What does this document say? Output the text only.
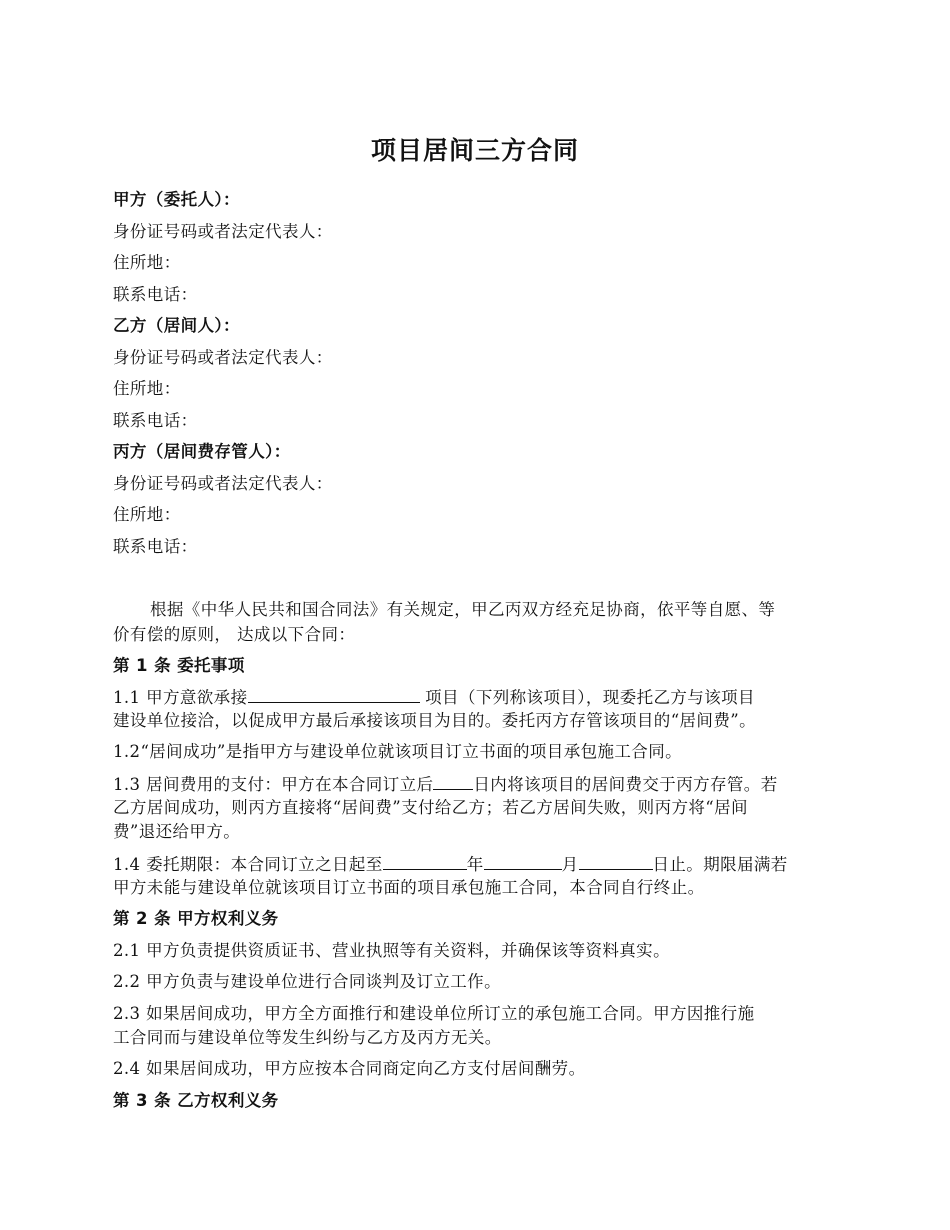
项目居间三方合同
甲方（委托人）：
身份证号码或者法定代表人：
住所地：
联系电话：
乙方（居间人）：
身份证号码或者法定代表人：
住所地：
联系电话：
丙方（居间费存管人）：
身份证号码或者法定代表人：
住所地：
联系电话：
根据《中华人民共和国合同法》有关规定，甲乙丙双方经充足协商，依平等自愿、等
价有偿的原则， 达成以下合同：
第 1 条 委托事项
1.1 甲方意欲承接	项目（下列称该项目），现委托乙方与该项目
建设单位接洽，以促成甲方最后承接该项目为目的。委托丙方存管该项目的“居间费”。
1.2“居间成功”是指甲方与建设单位就该项目订立书面的项目承包施工合同。
1.3 居间费用的支付：甲方在本合同订立后 日内将该项目的居间费交于丙方存管。若
乙方居间成功，则丙方直接将“居间费”支付给乙方；若乙方居间失败，则丙方将“居间
费”退还给甲方。
1.4 委托期限：本合同订立之日起至	年	月	日止。期限届满若
甲方未能与建设单位就该项目订立书面的项目承包施工合同，本合同自行终止。
第 2 条 甲方权利义务
2.1 甲方负责提供资质证书、营业执照等有关资料，并确保该等资料真实。
2.2 甲方负责与建设单位进行合同谈判及订立工作。
2.3 如果居间成功，甲方全方面推行和建设单位所订立的承包施工合同。甲方因推行施
工合同而与建设单位等发生纠纷与乙方及丙方无关。
2.4 如果居间成功，甲方应按本合同商定向乙方支付居间酬劳。
第 3 条 乙方权利义务
